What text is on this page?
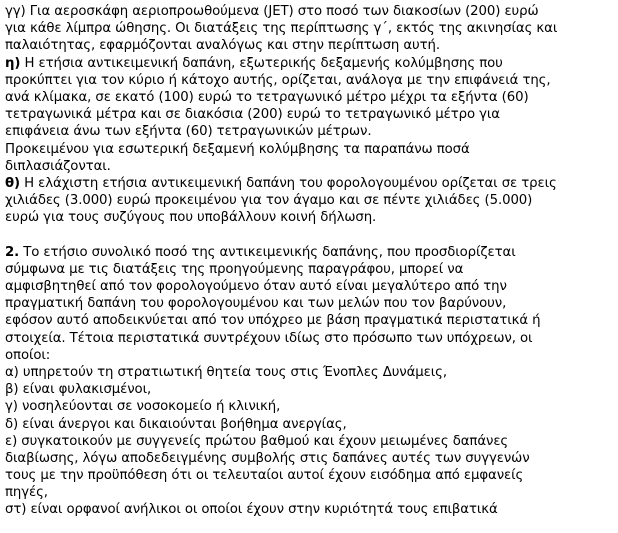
γγ) Για αεροσκάφη αεριοπροωθούμενα (JET) στο ποσό των διακοσίων (200) ευρώ
για κάθε λίμπρα ώθησης. Οι διατάξεις της περίπτωσης γ΄, εκτός της ακινησίας και
παλαιότητας, εφαρμόζονται αναλόγως και στην περίπτωση αυτή.
η) Η ετήσια αντικειμενική δαπάνη, εξωτερικής δεξαμενής κολύμβησης που
προκύπτει για τον κύριο ή κάτοχο αυτής, ορίζεται, ανάλογα με την επιφάνειά της,
ανά κλίμακα, σε εκατό (100) ευρώ το τετραγωνικό μέτρο μέχρι τα εξήντα (60)
τετραγωνικά μέτρα και σε διακόσια (200) ευρώ το τετραγωνικό μέτρο για
επιφάνεια άνω των εξήντα (60) τετραγωνικών μέτρων.
Προκειμένου για εσωτερική δεξαμενή κολύμβησης τα παραπάνω ποσά
διπλασιάζονται.
θ) Η ελάχιστη ετήσια αντικειμενική δαπάνη του φορολογουμένου ορίζεται σε τρεις
χιλιάδες (3.000) ευρώ προκειμένου για τον άγαμο και σε πέντε χιλιάδες (5.000)
ευρώ για τους συζύγους που υποβάλλουν κοινή δήλωση.
2. Το ετήσιο συνολικό ποσό της αντικειμενικής δαπάνης, που προσδιορίζεται
σύμφωνα με τις διατάξεις της προηγούμενης παραγράφου, μπορεί να
αμφισβητηθεί από τον φορολογούμενο όταν αυτό είναι μεγαλύτερο από την
πραγματική δαπάνη του φορολογουμένου και των μελών που τον βαρύνουν,
εφόσον αυτό αποδεικνύεται από τον υπόχρεο με βάση πραγματικά περιστατικά ή
στοιχεία. Τέτοια περιστατικά συντρέχουν ιδίως στο πρόσωπο των υπόχρεων, οι
οποίοι:
α) υπηρετούν τη στρατιωτική θητεία τους στις Ένοπλες Δυνάμεις,
β) είναι φυλακισμένοι,
γ) νοσηλεύονται σε νοσοκομείο ή κλινική,
δ) είναι άνεργοι και δικαιούνται βοήθημα ανεργίας,
ε) συγκατοικούν με συγγενείς πρώτου βαθμού και έχουν μειωμένες δαπάνες
διαβίωσης, λόγω αποδεδειγμένης συμβολής στις δαπάνες αυτές των συγγενών
τους με την προϋπόθεση ότι οι τελευταίοι αυτοί έχουν εισόδημα από εμφανείς
πηγές,
στ) είναι ορφανοί ανήλικοι οι οποίοι έχουν στην κυριότητά τους επιβατικά
